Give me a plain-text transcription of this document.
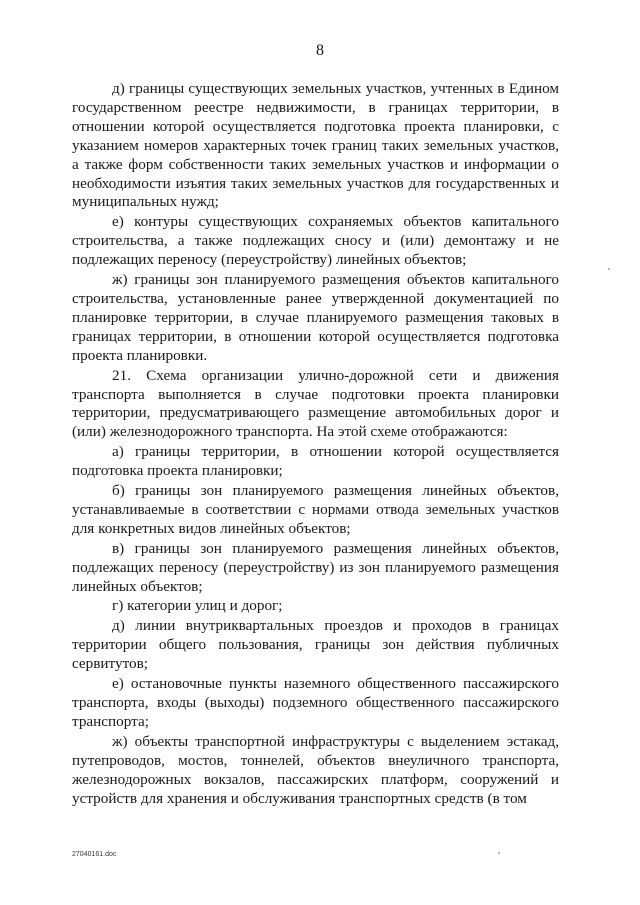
8

д) границы существующих земельных участков, учтенных в Едином государственном реестре недвижимости, в границах территории, в отношении которой осуществляется подготовка проекта планировки, с указанием номеров характерных точек границ таких земельных участков, а также форм собственности таких земельных участков и информации о необходимости изъятия таких земельных участков для государственных и муниципальных нужд;

е) контуры существующих сохраняемых объектов капитального строительства, а также подлежащих сносу и (или) демонтажу и не подлежащих переносу (переустройству) линейных объектов;

ж) границы зон планируемого размещения объектов капитального строительства, установленные ранее утвержденной документацией по планировке территории, в случае планируемого размещения таковых в границах территории, в отношении которой осуществляется подготовка проекта планировки.

21. Схема организации улично-дорожной сети и движения транспорта выполняется в случае подготовки проекта планировки территории, предусматривающего размещение автомобильных дорог и (или) железнодорожного транспорта. На этой схеме отображаются:

а) границы территории, в отношении которой осуществляется подготовка проекта планировки;

б) границы зон планируемого размещения линейных объектов, устанавливаемые в соответствии с нормами отвода земельных участков для конкретных видов линейных объектов;

в) границы зон планируемого размещения линейных объектов, подлежащих переносу (переустройству) из зон планируемого размещения линейных объектов;

г) категории улиц и дорог;

д) линии внутриквартальных проездов и проходов в границах территории общего пользования, границы зон действия публичных сервитутов;

е) остановочные пункты наземного общественного пассажирского транспорта, входы (выходы) подземного общественного пассажирского транспорта;

ж) объекты транспортной инфраструктуры с выделением эстакад, путепроводов, мостов, тоннелей, объектов внеуличного транспорта, железнодорожных вокзалов, пассажирских платформ, сооружений и устройств для хранения и обслуживания транспортных средств (в том

27040161.doc
